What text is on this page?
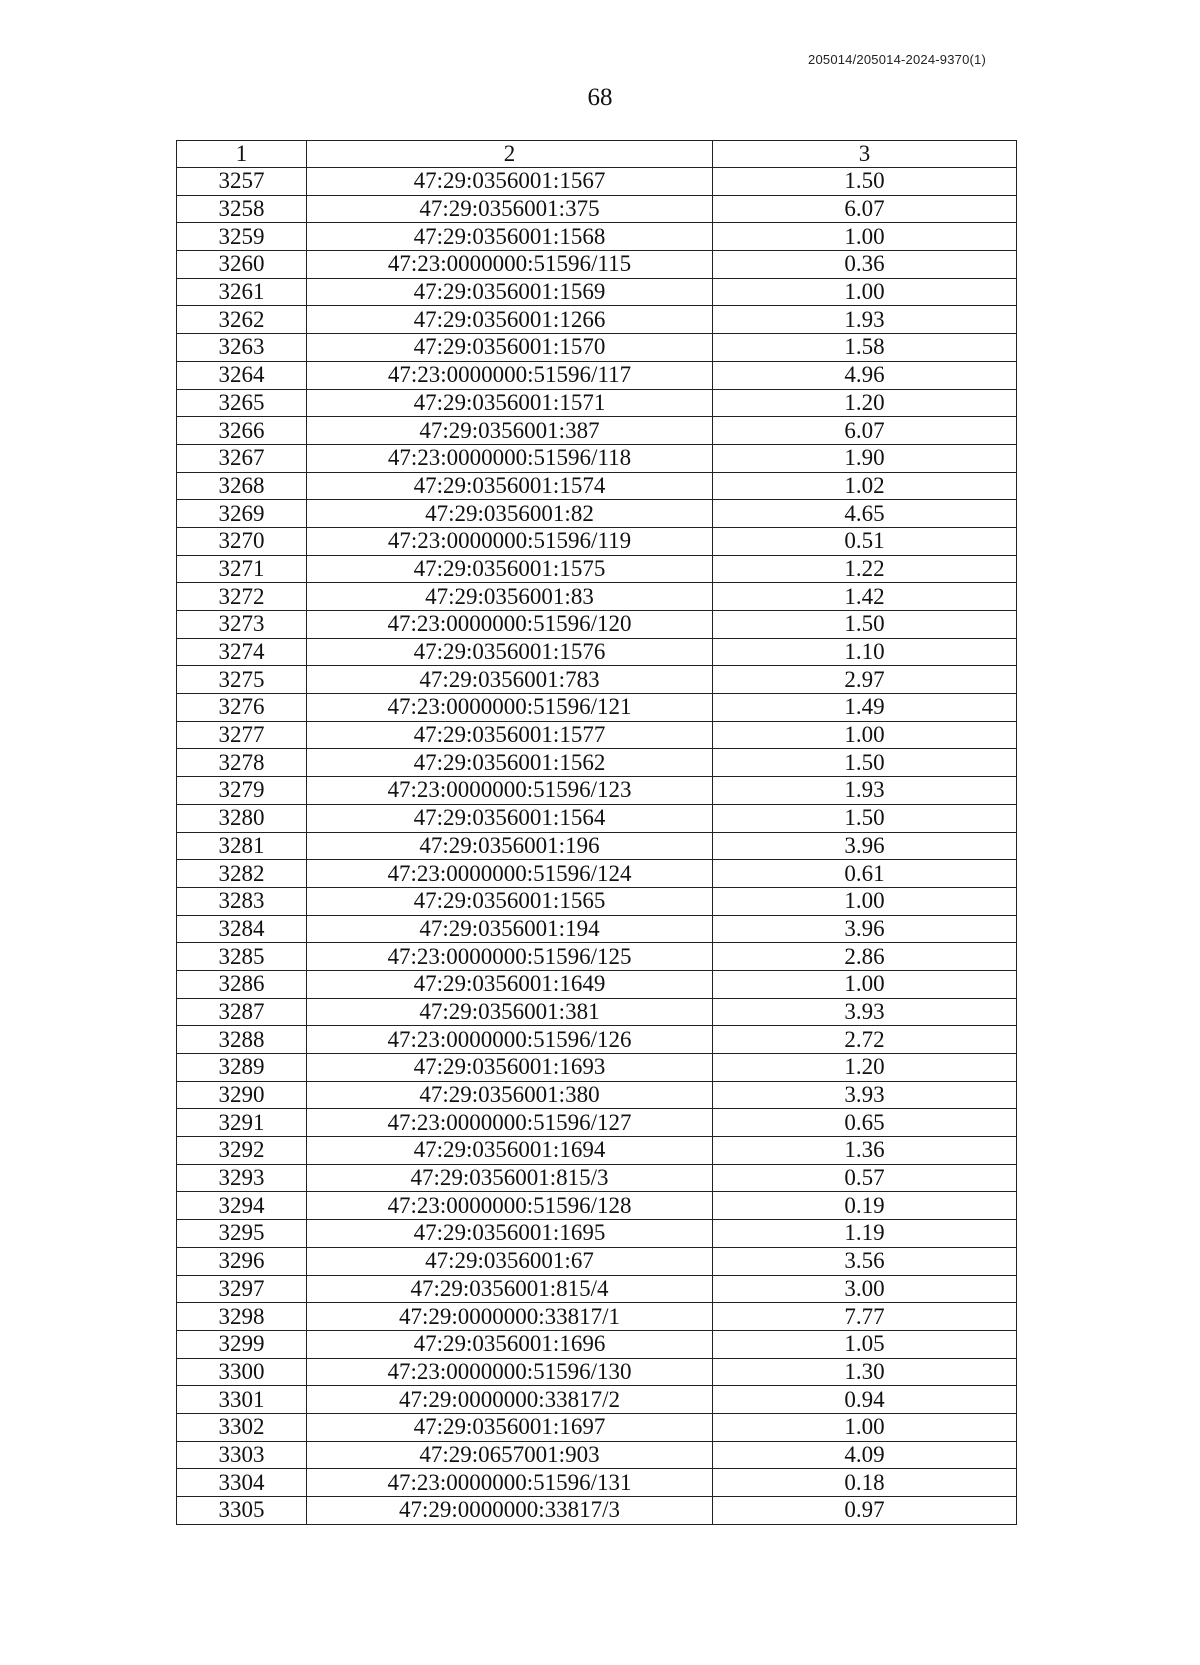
205014/205014-2024-9370(1)
68
1	2	3
3257	47:29:0356001:1567	1.50
3258	47:29:0356001:375	6.07
3259	47:29:0356001:1568	1.00
3260	47:23:0000000:51596/115	0.36
3261	47:29:0356001:1569	1.00
3262	47:29:0356001:1266	1.93
3263	47:29:0356001:1570	1.58
3264	47:23:0000000:51596/117	4.96
3265	47:29:0356001:1571	1.20
3266	47:29:0356001:387	6.07
3267	47:23:0000000:51596/118	1.90
3268	47:29:0356001:1574	1.02
3269	47:29:0356001:82	4.65
3270	47:23:0000000:51596/119	0.51
3271	47:29:0356001:1575	1.22
3272	47:29:0356001:83	1.42
3273	47:23:0000000:51596/120	1.50
3274	47:29:0356001:1576	1.10
3275	47:29:0356001:783	2.97
3276	47:23:0000000:51596/121	1.49
3277	47:29:0356001:1577	1.00
3278	47:29:0356001:1562	1.50
3279	47:23:0000000:51596/123	1.93
3280	47:29:0356001:1564	1.50
3281	47:29:0356001:196	3.96
3282	47:23:0000000:51596/124	0.61
3283	47:29:0356001:1565	1.00
3284	47:29:0356001:194	3.96
3285	47:23:0000000:51596/125	2.86
3286	47:29:0356001:1649	1.00
3287	47:29:0356001:381	3.93
3288	47:23:0000000:51596/126	2.72
3289	47:29:0356001:1693	1.20
3290	47:29:0356001:380	3.93
3291	47:23:0000000:51596/127	0.65
3292	47:29:0356001:1694	1.36
3293	47:29:0356001:815/3	0.57
3294	47:23:0000000:51596/128	0.19
3295	47:29:0356001:1695	1.19
3296	47:29:0356001:67	3.56
3297	47:29:0356001:815/4	3.00
3298	47:29:0000000:33817/1	7.77
3299	47:29:0356001:1696	1.05
3300	47:23:0000000:51596/130	1.30
3301	47:29:0000000:33817/2	0.94
3302	47:29:0356001:1697	1.00
3303	47:29:0657001:903	4.09
3304	47:23:0000000:51596/131	0.18
3305	47:29:0000000:33817/3	0.97
